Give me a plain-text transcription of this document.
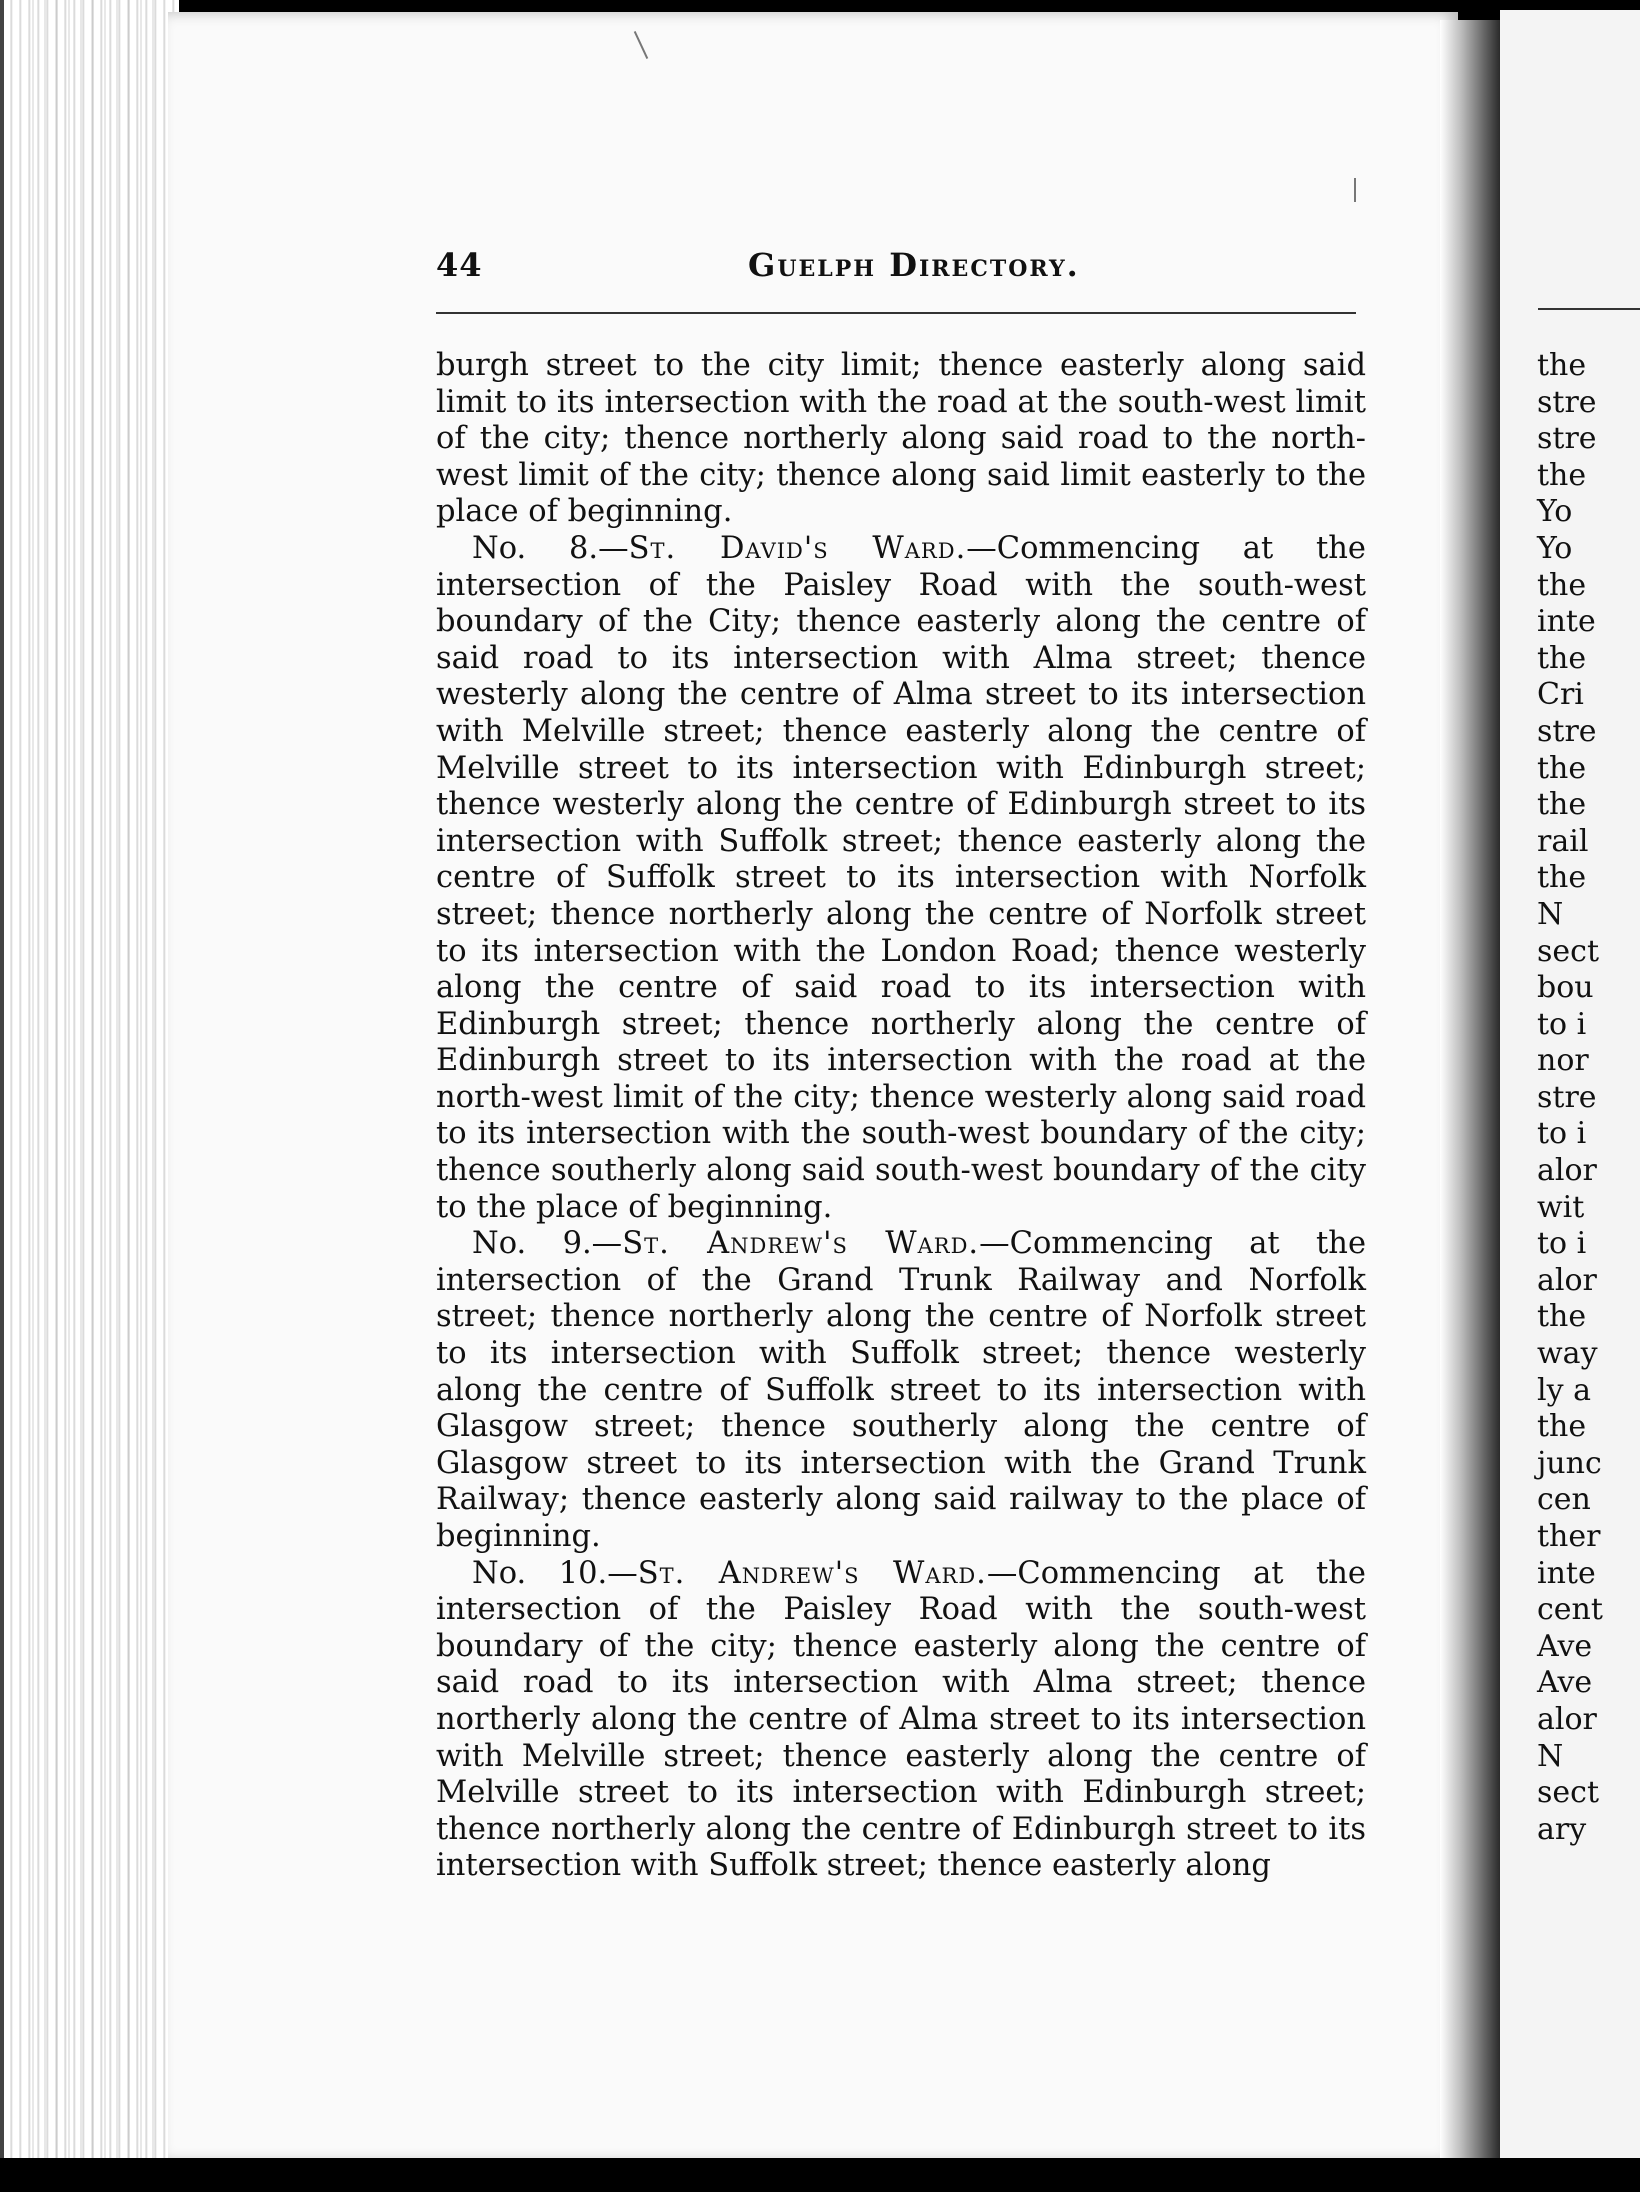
44	Guelph Directory.

burgh street to the city limit; thence easterly along said limit to its intersection with the road at the south-west limit of the city; thence northerly along said road to the north-west limit of the city; thence along said limit easterly to the place of beginning.

No. 8.—St. David's Ward.—Commencing at the intersection of the Paisley Road with the south-west boundary of the City; thence easterly along the centre of said road to its intersection with Alma street; thence westerly along the centre of Alma street to its intersection with Melville street; thence easterly along the centre of Melville street to its intersection with Edinburgh street; thence westerly along the centre of Edinburgh street to its intersection with Suffolk street; thence easterly along the centre of Suffolk street to its intersection with Norfolk street; thence northerly along the centre of Norfolk street to its intersection with the London Road; thence westerly along the centre of said road to its intersection with Edinburgh street; thence northerly along the centre of Edinburgh street to its intersection with the road at the north-west limit of the city; thence westerly along said road to its intersection with the south-west boundary of the city; thence southerly along said south-west boundary of the city to the place of beginning.

No. 9.—St. Andrew's Ward.—Commencing at the intersection of the Grand Trunk Railway and Norfolk street; thence northerly along the centre of Norfolk street to its intersection with Suffolk street; thence westerly along the centre of Suffolk street to its intersection with Glasgow street; thence southerly along the centre of Glasgow street to its intersection with the Grand Trunk Railway; thence easterly along said railway to the place of beginning.

No. 10.—St. Andrew's Ward.—Commencing at the intersection of the Paisley Road with the south-west boundary of the city; thence easterly along the centre of said road to its intersection with Alma street; thence northerly along the centre of Alma street to its intersection with Melville street; thence easterly along the centre of Melville street to its intersection with Edinburgh street; thence northerly along the centre of Edinburgh street to its intersection with Suffolk street; thence easterly along

the
stre
stre
the
Yo
Yo
the
inte
the
Cri
stre
the
the
rail
the
N
sect
bou
to i
nor
stre
to i
alor
wit
to i
alor
the
way
ly a
the
junc
cen
ther
inte
cent
Ave
Ave
alor
N
sect
ary
